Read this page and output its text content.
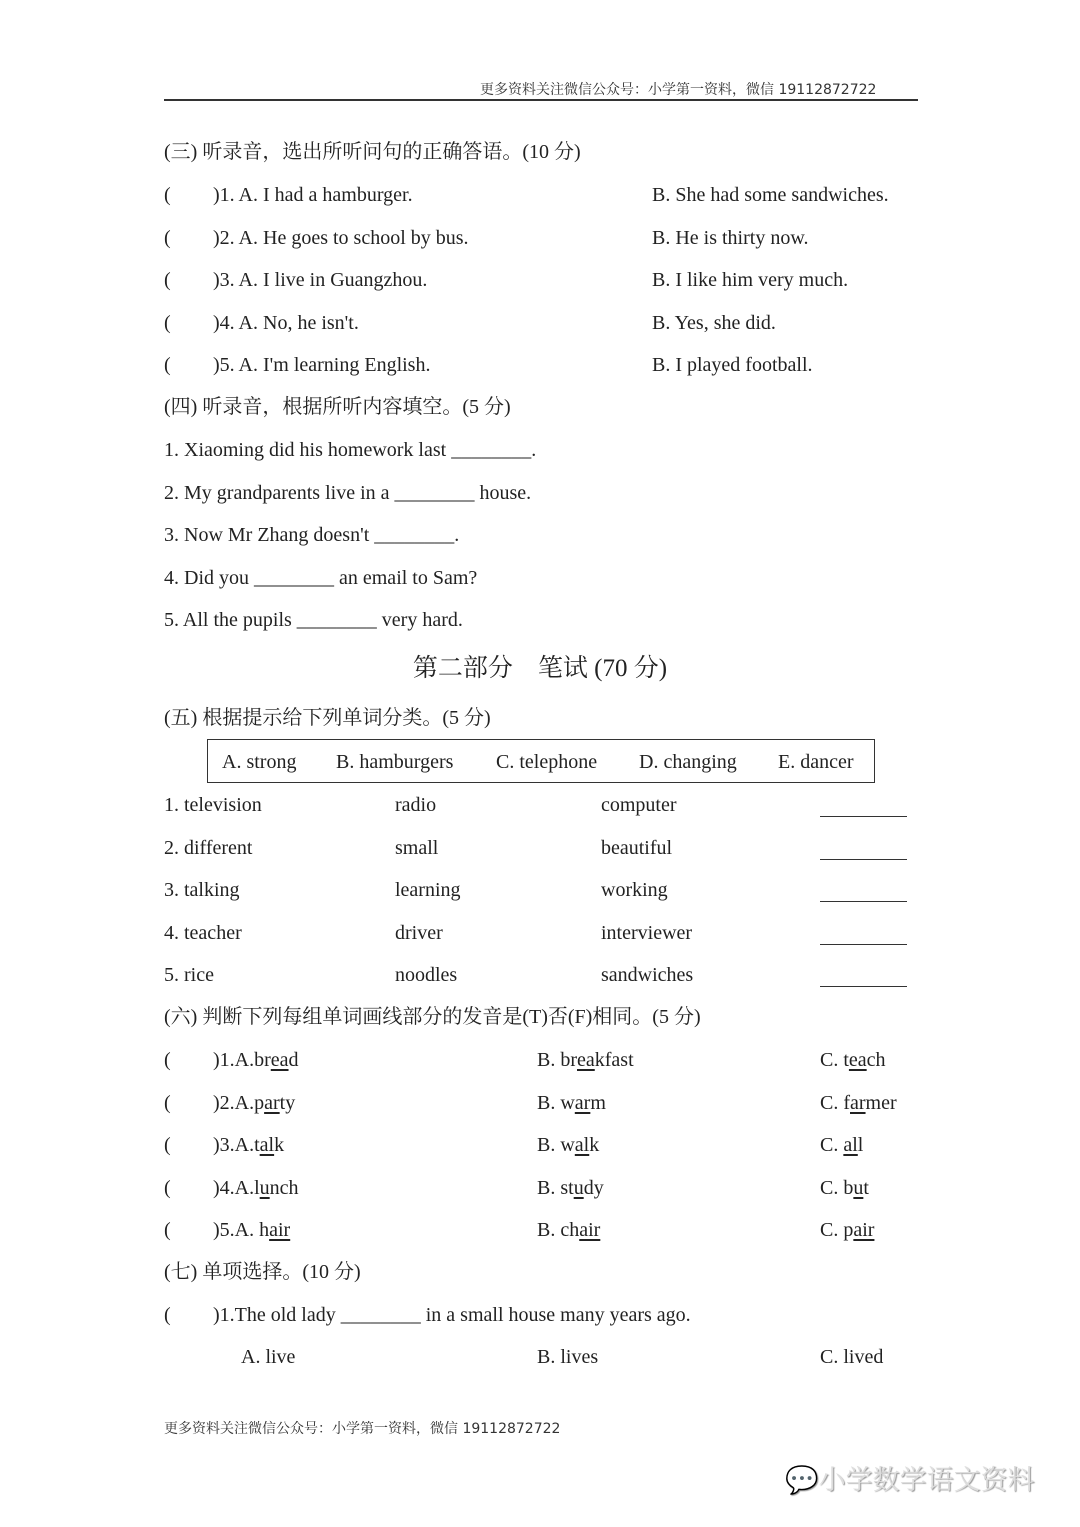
更多资料关注微信公众号：小学第一资料，微信 19112872722
(三) 听录音，选出所听问句的正确答语。(10 分)
( )1. A. I had a hamburger.	B. She had some sandwiches.
( )2. A. He goes to school by bus.	B. He is thirty now.
( )3. A. I live in Guangzhou.	B. I like him very much.
( )4. A. No, he isn't.	B. Yes, she did.
( )5. A. I'm learning English.	B. I played football.
(四) 听录音，根据所听内容填空。(5 分)
1. Xiaoming did his homework last ________.
2. My grandparents live in a ________ house.
3. Now Mr Zhang doesn't ________.
4. Did you ________ an email to Sam?
5. All the pupils ________ very hard.
(五) 根据提示给下列单词分类。(5 分)
A. strong B. hamburgers C. telephone D. changing E. dancer
1. television	radio	computer
2. different	small	beautiful
3. talking	learning	working
4. teacher	driver	interviewer
5. rice	noodles	sandwiches
(六) 判断下列每组单词画线部分的发音是(T)否(F)相同。(5 分)
( )1.A.bread	B. breakfast	C. teach
( )2.A.party	B. warm	C. farmer
( )3.A.talk	B. walk	C. all
( )4.A.lunch	B. study	C. but
( )5.A. hair	B. chair	C. pair
(七) 单项选择。(10 分)
( )1.The old lady ________ in a small house many years ago.
A. live	B. lives	C. lived
第二部分　笔试 (70 分)
更多资料关注微信公众号：小学第一资料，微信 19112872722
💬小学数学语文资料
